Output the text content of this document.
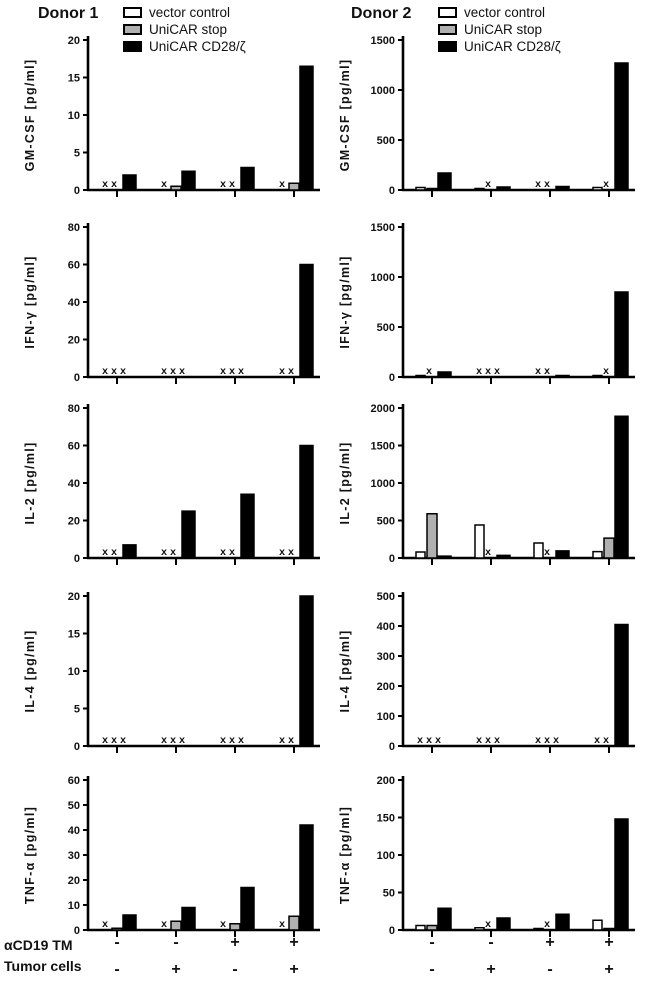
Donor 1	Donor 2
vector control
UniCAR stop
UniCAR CD28/ζ
vector control
UniCAR stop
UniCAR CD28/ζ
0
5
10
15
20
GM-CSF [pg/ml]
x x	x	x x	x
0
500
1000
1500
GM-CSF [pg/ml]
x	x x	x
0
20
40
60
80
IFN-γ [pg/ml]
x x x	x x x	x x x	x x
0
500
1000
1500
IFN-γ [pg/ml]
x	x x x	x x	x
0
20
40
60
80
IL-2 [pg/ml]
x x	x x	x x	x x
0
500
1000
1500
2000
IL-2 [pg/ml]
x	x
0
5
10
15
20
IL-4 [pg/ml]
x x x	x x x	x x x	x x
0
100
200
300
400
500
IL-4 [pg/ml]
x x x	x x x	x x x	x x
0
10
20
30
40
50
60
TNF-α [pg/ml]
x	x	x	x
0
50
100
150
200
TNF-α [pg/ml]
x	x
αCD19 TM
Tumor cells
-	-	+	+	-	-	+	+
-	+	-	+	-	+	-	+
